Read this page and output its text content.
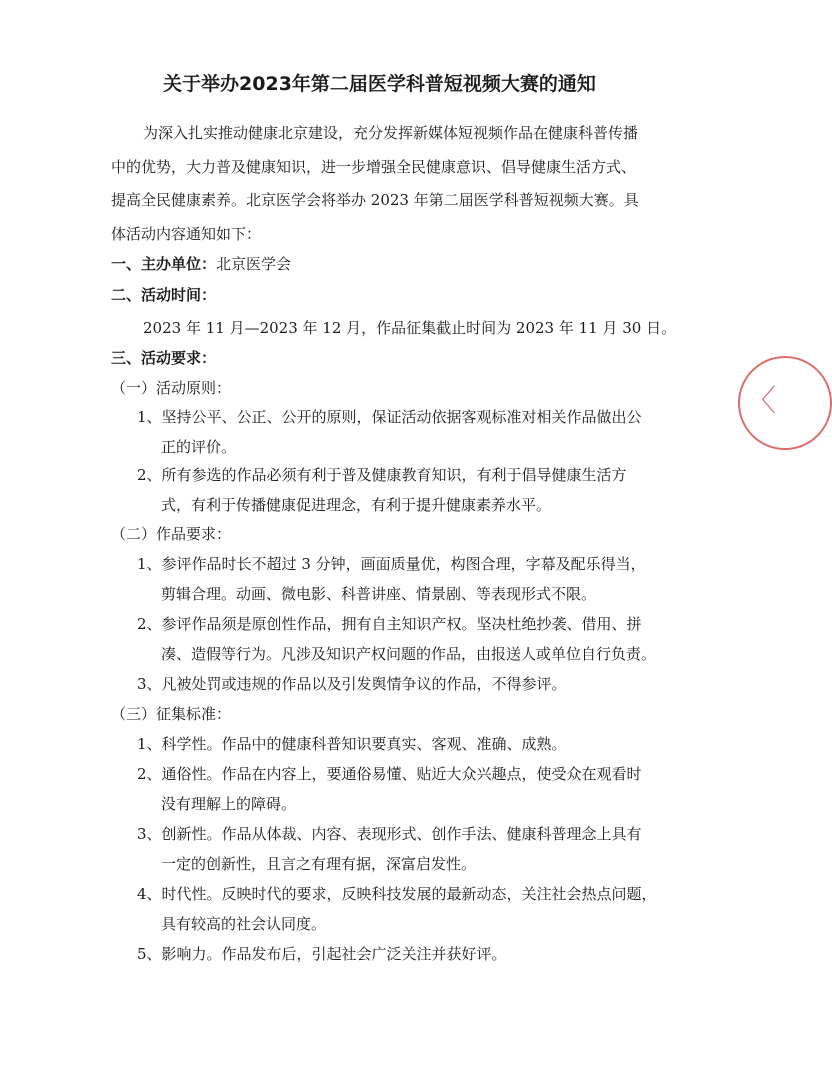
关于举办2023年第二届医学科普短视频大赛的通知
为深入扎实推动健康北京建设，充分发挥新媒体短视频作品在健康科普传播
中的优势，大力普及健康知识，进一步增强全民健康意识、倡导健康生活方式、
提高全民健康素养。北京医学会将举办 2023 年第二届医学科普短视频大赛。具
体活动内容通知如下：
一、主办单位：北京医学会
二、活动时间：
2023 年 11 月—2023 年 12 月，作品征集截止时间为 2023 年 11 月 30 日。
三、活动要求：
（一）活动原则：
1、坚持公平、公正、公开的原则，保证活动依据客观标准对相关作品做出公
正的评价。
2、所有参选的作品必须有利于普及健康教育知识，有利于倡导健康生活方
式，有利于传播健康促进理念，有利于提升健康素养水平。
（二）作品要求：
1、参评作品时长不超过 3 分钟，画面质量优，构图合理，字幕及配乐得当，
剪辑合理。动画、微电影、科普讲座、情景剧、等表现形式不限。
2、参评作品须是原创性作品，拥有自主知识产权。坚决杜绝抄袭、借用、拼
凑、造假等行为。凡涉及知识产权问题的作品，由报送人或单位自行负责。
3、凡被处罚或违规的作品以及引发舆情争议的作品，不得参评。
（三）征集标准：
1、科学性。作品中的健康科普知识要真实、客观、准确、成熟。
2、通俗性。作品在内容上，要通俗易懂、贴近大众兴趣点，使受众在观看时
没有理解上的障碍。
3、创新性。作品从体裁、内容、表现形式、创作手法、健康科普理念上具有
一定的创新性，且言之有理有据，深富启发性。
4、时代性。反映时代的要求，反映科技发展的最新动态，关注社会热点问题，
具有较高的社会认同度。
5、影响力。作品发布后，引起社会广泛关注并获好评。
〈
